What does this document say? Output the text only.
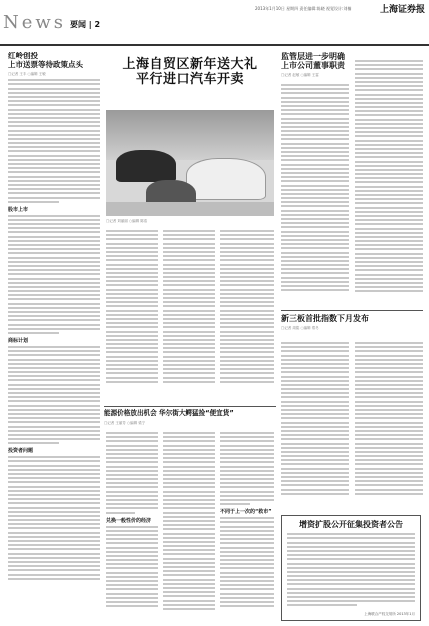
News 要闻 | 2
2013年1月10日 星期四 责任编辑:陈晓 视觉设计:刘楠	上海证券报
红岭创投
上市送票等待政策点头
□记者 王丰 ○编辑 王敏
股市上市
商标计划
投资者问题
上海自贸区新年送大礼
平行进口汽车开卖
□记者 刘丽丽 ○编辑 陈浩
能源价格放出机会 华尔街大鳄猛捡“便宜货”
□记者 王丽芳 ○编辑 梁宁
兑换一般性价的经济
不同于上一次的“救市”
监管层进一步明确
上市公司董事职责
□记者 赵敏 ○编辑 王雷
新三板首批指数下月发布
□记者 周铭 ○编辑 郑冬
增资扩股公开征集投资者公告
上海联合产权交易所 2013年1月
